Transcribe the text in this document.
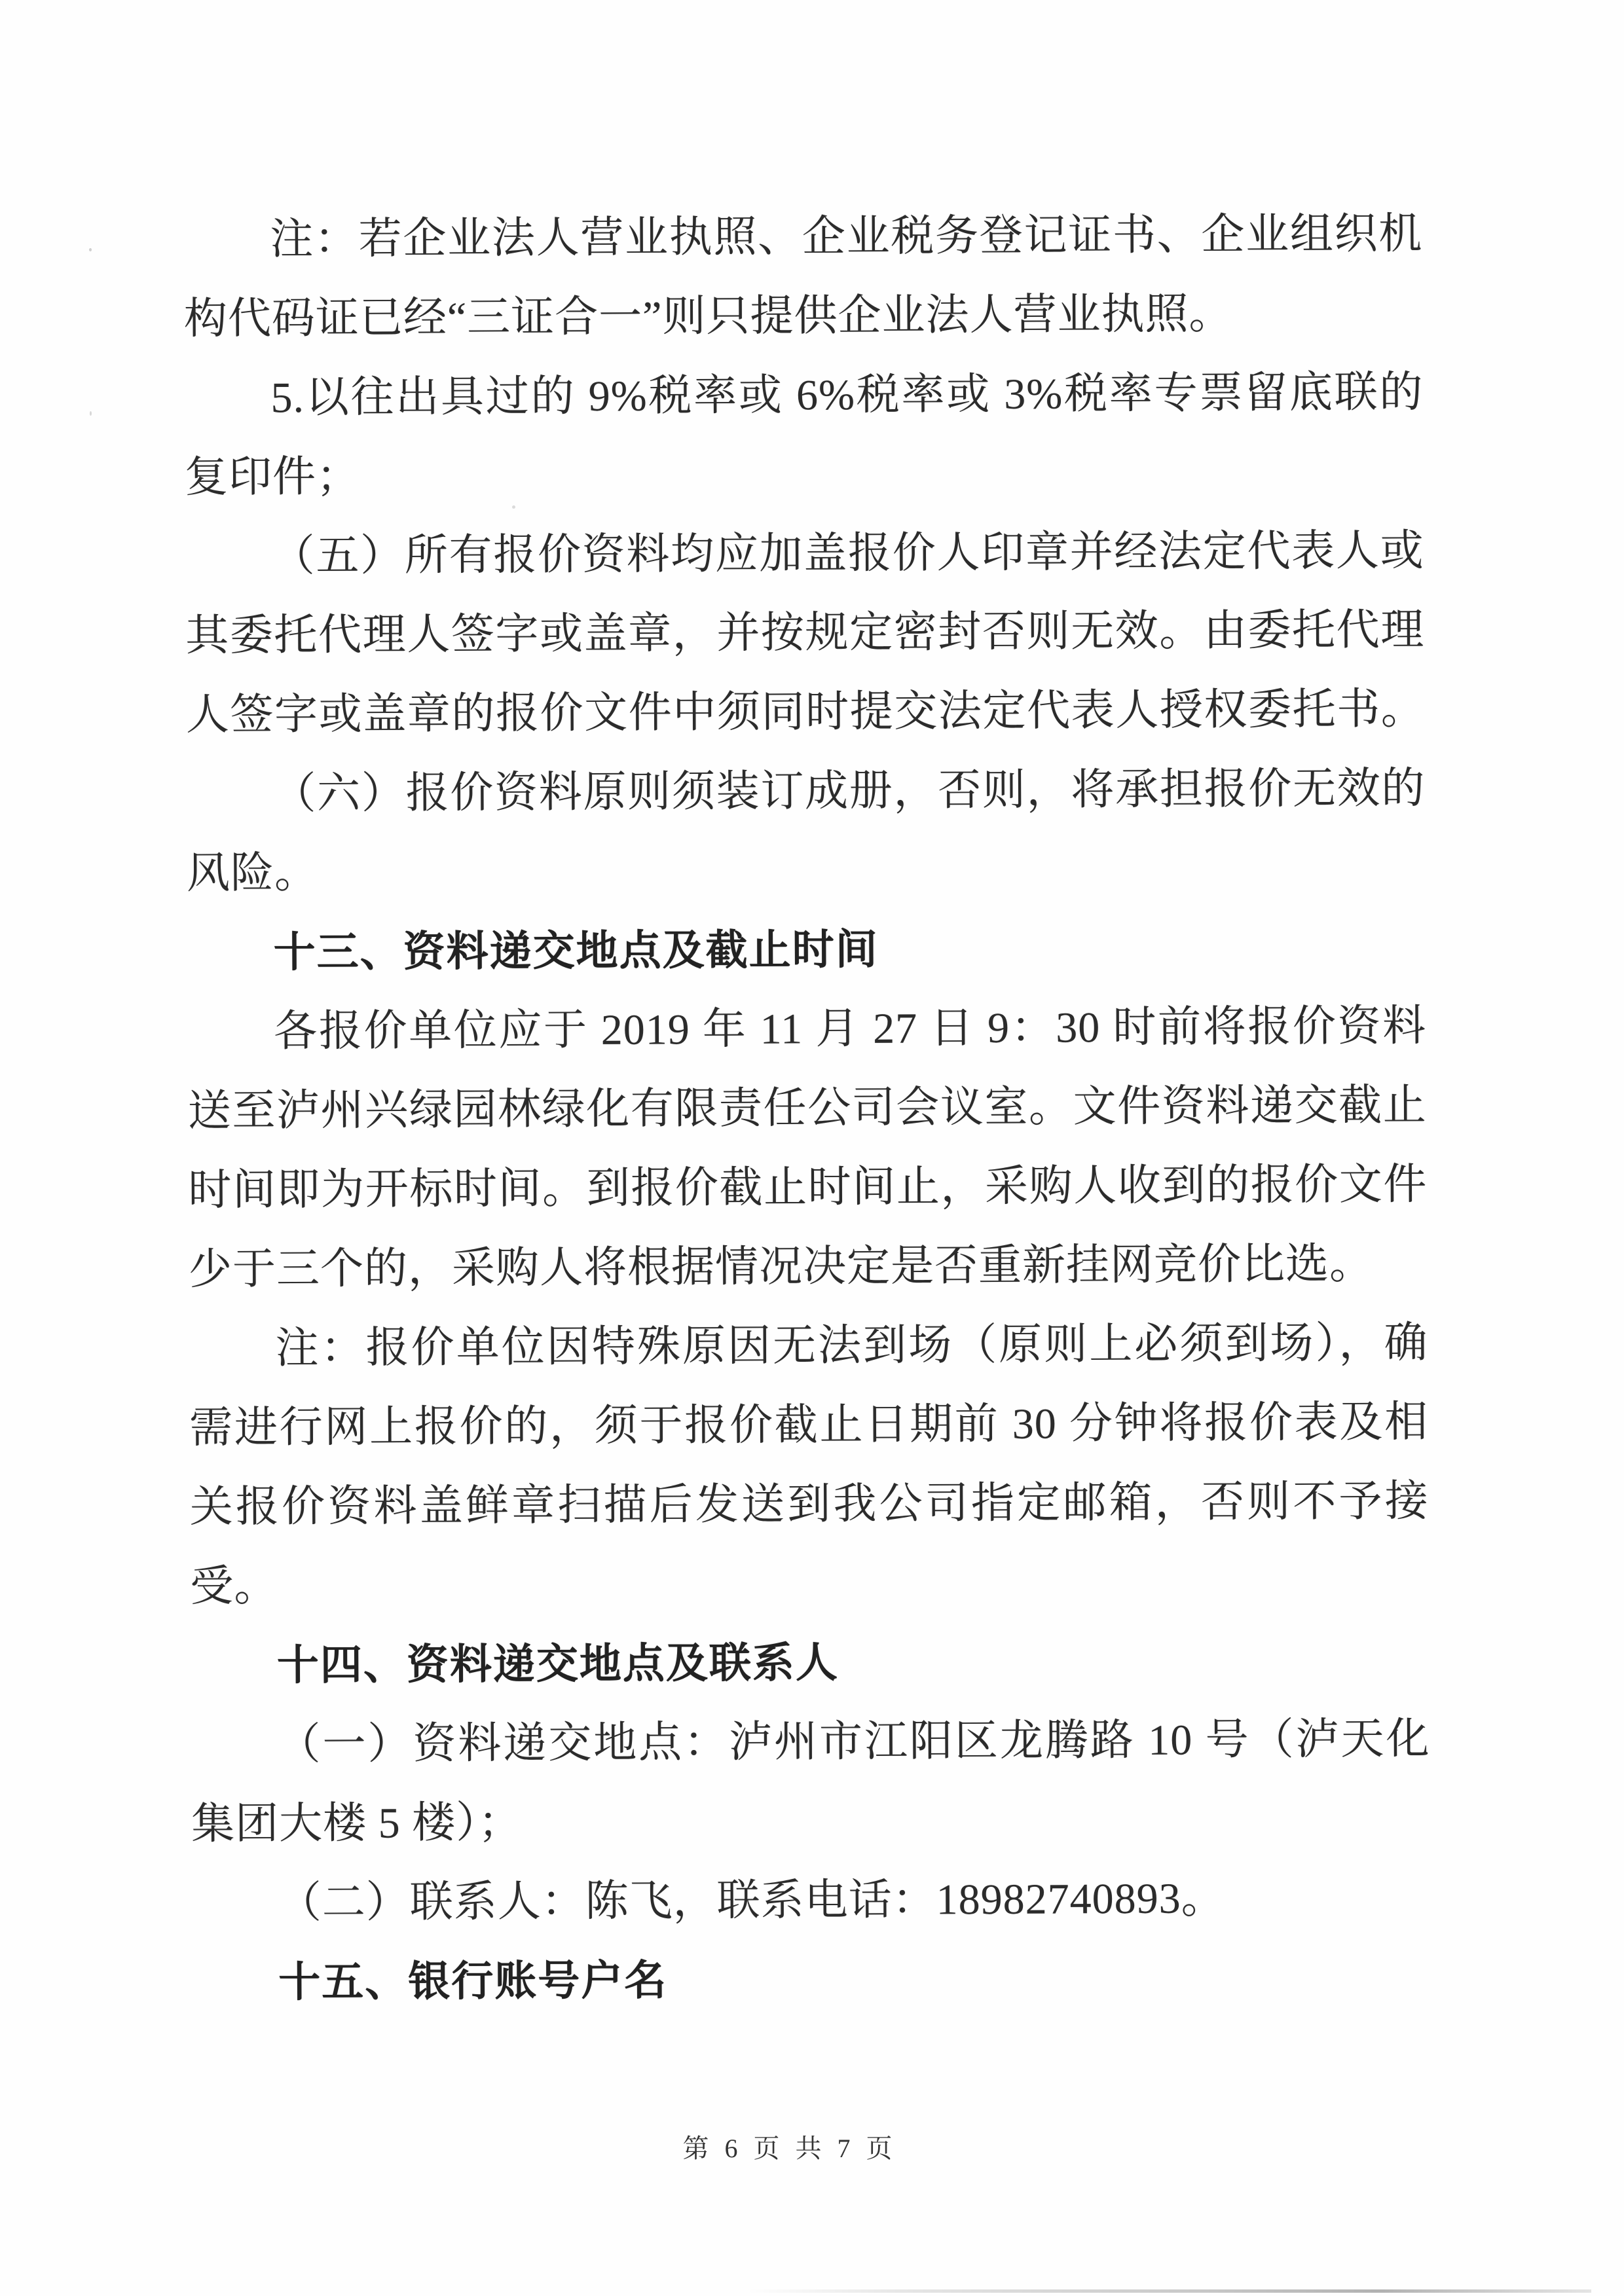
注：若企业法人营业执照、企业税务登记证书、企业组织机
构代码证已经“三证合一”则只提供企业法人营业执照。
5.以往出具过的 9%税率或 6%税率或 3%税率专票留底联的
复印件；
（五）所有报价资料均应加盖报价人印章并经法定代表人或
其委托代理人签字或盖章，并按规定密封否则无效。由委托代理
人签字或盖章的报价文件中须同时提交法定代表人授权委托书。
（六）报价资料原则须装订成册，否则，将承担报价无效的
风险。
十三、资料递交地点及截止时间
各报价单位应于 2019 年 11 月 27 日 9：30 时前将报价资料
送至泸州兴绿园林绿化有限责任公司会议室。文件资料递交截止
时间即为开标时间。到报价截止时间止，采购人收到的报价文件
少于三个的，采购人将根据情况决定是否重新挂网竞价比选。
注：报价单位因特殊原因无法到场（原则上必须到场），确
需进行网上报价的，须于报价截止日期前 30 分钟将报价表及相
关报价资料盖鲜章扫描后发送到我公司指定邮箱，否则不予接
受。
十四、资料递交地点及联系人
（一）资料递交地点：泸州市江阳区龙腾路 10 号（泸天化
集团大楼 5 楼）；
（二）联系人：陈飞，联系电话：18982740893。
十五、银行账号户名
第 6 页 共 7 页
